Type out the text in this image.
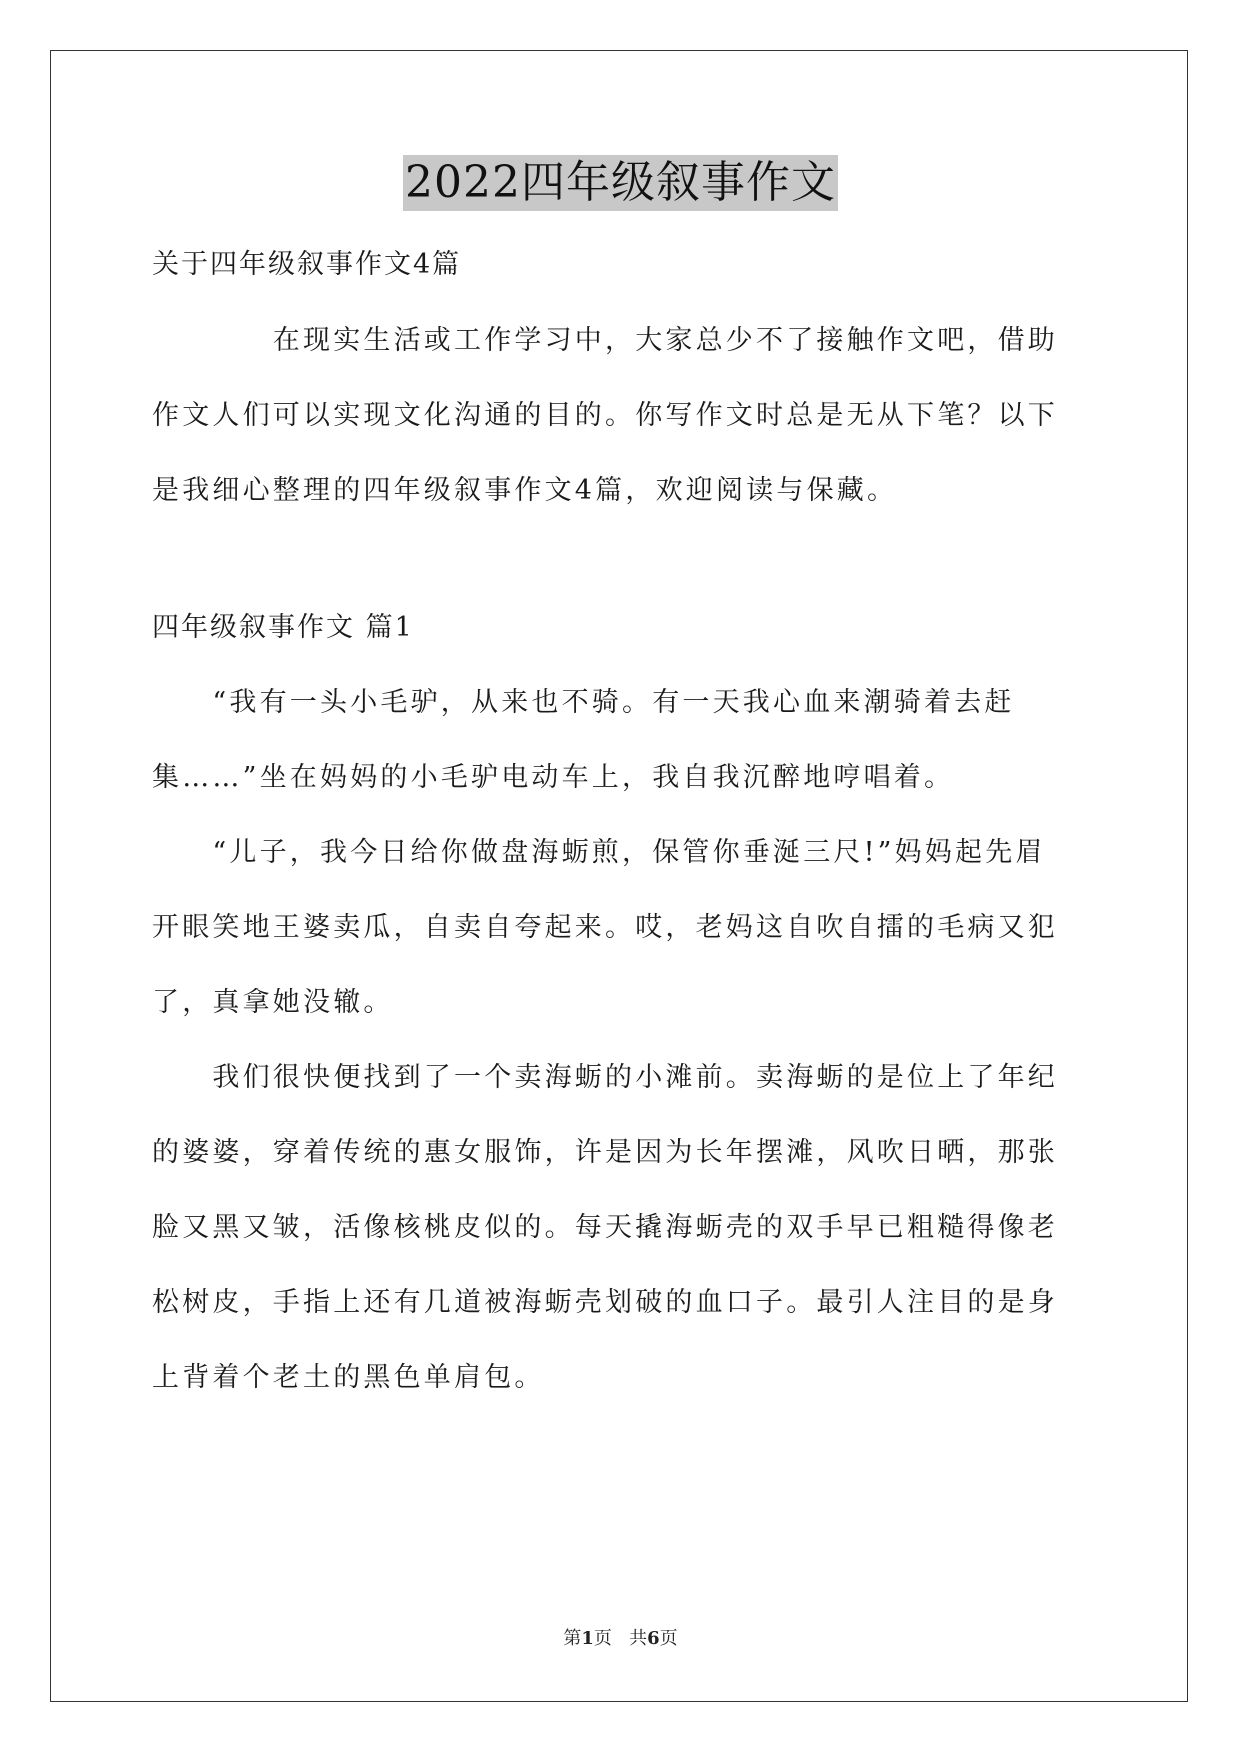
2022四年级叙事作文
关于四年级叙事作文4篇
　　　　在现实生活或工作学习中，大家总少不了接触作文吧，借助
作文人们可以实现文化沟通的目的。你写作文时总是无从下笔？以下
是我细心整理的四年级叙事作文4篇，欢迎阅读与保藏。
四年级叙事作文 篇1
　　“我有一头小毛驴，从来也不骑。有一天我心血来潮骑着去赶
集……”坐在妈妈的小毛驴电动车上，我自我沉醉地哼唱着。
　　“儿子，我今日给你做盘海蛎煎，保管你垂涎三尺!”妈妈起先眉
开眼笑地王婆卖瓜，自卖自夸起来。哎，老妈这自吹自擂的毛病又犯
了，真拿她没辙。
　　我们很快便找到了一个卖海蛎的小滩前。卖海蛎的是位上了年纪
的婆婆，穿着传统的惠女服饰，许是因为长年摆滩，风吹日晒，那张
脸又黑又皱，活像核桃皮似的。每天撬海蛎壳的双手早已粗糙得像老
松树皮，手指上还有几道被海蛎壳划破的血口子。最引人注目的是身
上背着个老土的黑色单肩包。
第1页 共6页
